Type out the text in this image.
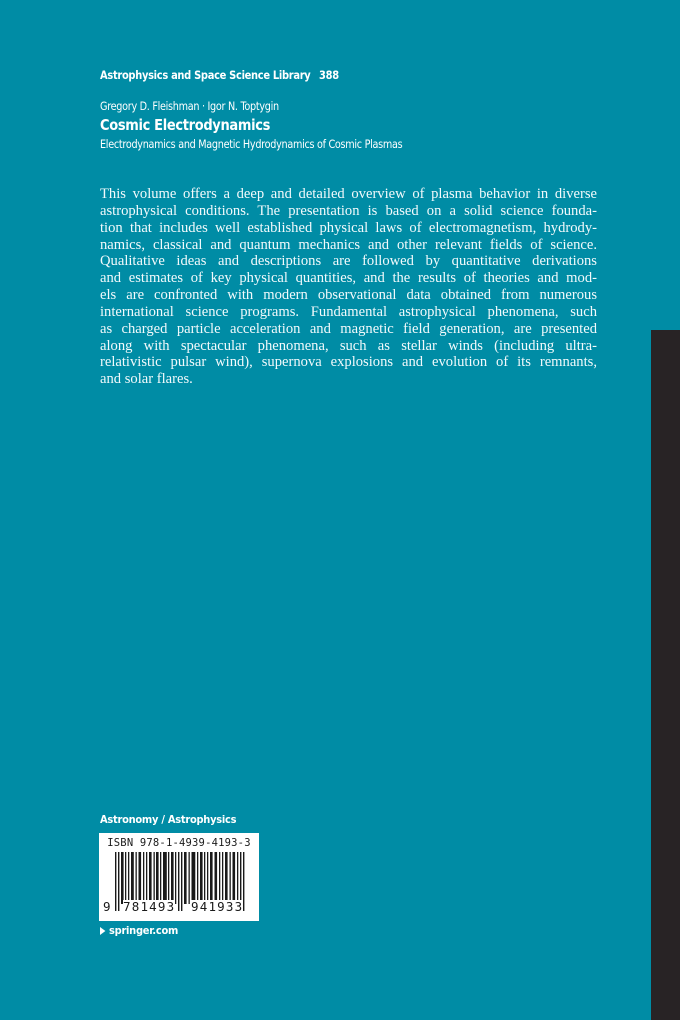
Astrophysics and Space Science Library 388
Gregory D. Fleishman · Igor N. Toptygin
Cosmic Electrodynamics
Electrodynamics and Magnetic Hydrodynamics of Cosmic Plasmas
This volume offers a deep and detailed overview of plasma behavior in diverse
astrophysical conditions. The presentation is based on a solid science founda-
tion that includes well established physical laws of electromagnetism, hydrody-
namics, classical and quantum mechanics and other relevant fields of science.
Qualitative ideas and descriptions are followed by quantitative derivations
and estimates of key physical quantities, and the results of theories and mod-
els are confronted with modern observational data obtained from numerous
international science programs. Fundamental astrophysical phenomena, such
as charged particle acceleration and magnetic field generation, are presented
along with spectacular phenomena, such as stellar winds (including ultra-
relativistic pulsar wind), supernova explosions and evolution of its remnants,
and solar flares.
Astronomy / Astrophysics
ISBN 978-1-4939-4193-3
9 781493 941933
springer.com
